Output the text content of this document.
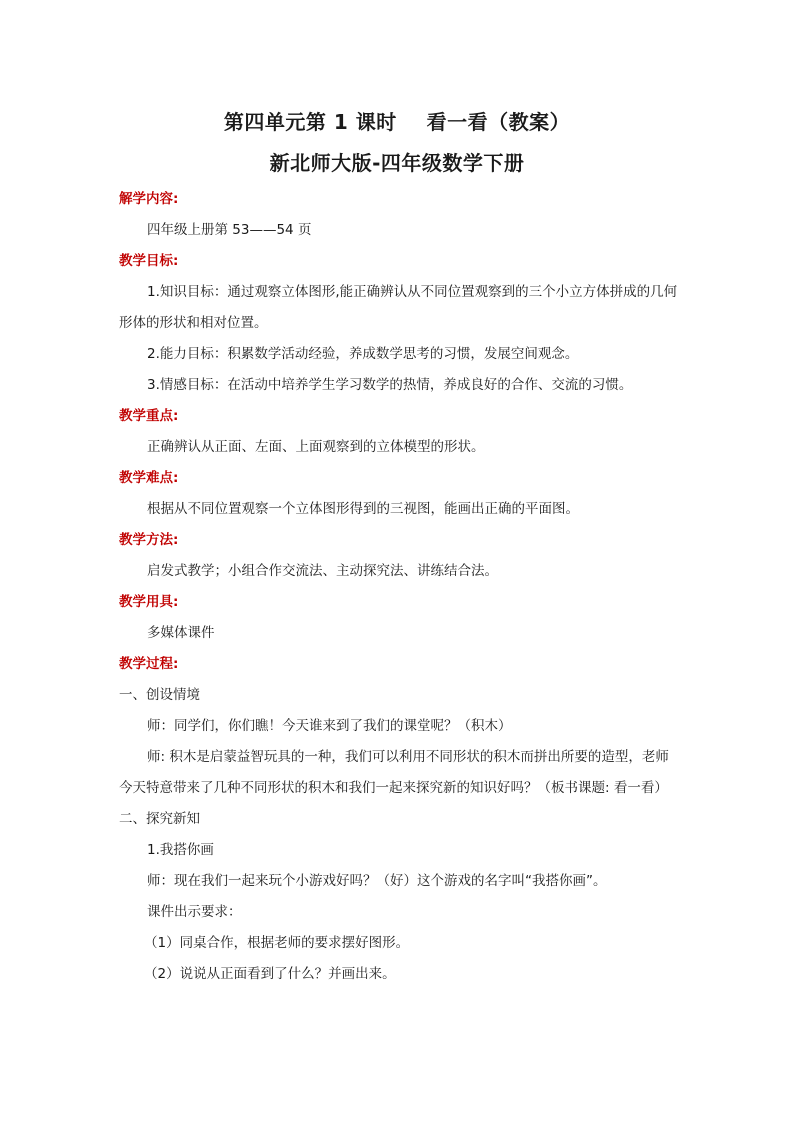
第四单元第 1 课时    看一看（教案）
新北师大版-四年级数学下册

解学内容:

四年级上册第 53——54 页

教学目标:

1.知识目标：通过观察立体图形,能正确辨认从不同位置观察到的三个小立方体拼成的几何形体的形状和相对位置。

2.能力目标：积累数学活动经验，养成数学思考的习惯，发展空间观念。

3.情感目标：在活动中培养学生学习数学的热情，养成良好的合作、交流的习惯。

教学重点:

正确辨认从正面、左面、上面观察到的立体模型的形状。

教学难点:

根据从不同位置观察一个立体图形得到的三视图，能画出正确的平面图。

教学方法:

启发式教学；小组合作交流法、主动探究法、讲练结合法。

教学用具:

多媒体课件

教学过程:

一、创设情境

师：同学们，你们瞧！今天谁来到了我们的课堂呢？（积木）

师: 积木是启蒙益智玩具的一种，我们可以利用不同形状的积木而拼出所要的造型，老师今天特意带来了几种不同形状的积木和我们一起来探究新的知识好吗？（板书课题: 看一看）

二、探究新知

1.我搭你画

师：现在我们一起来玩个小游戏好吗？（好）这个游戏的名字叫“我搭你画”。

课件出示要求：

（1）同桌合作，根据老师的要求摆好图形。

（2）说说从正面看到了什么？并画出来。
